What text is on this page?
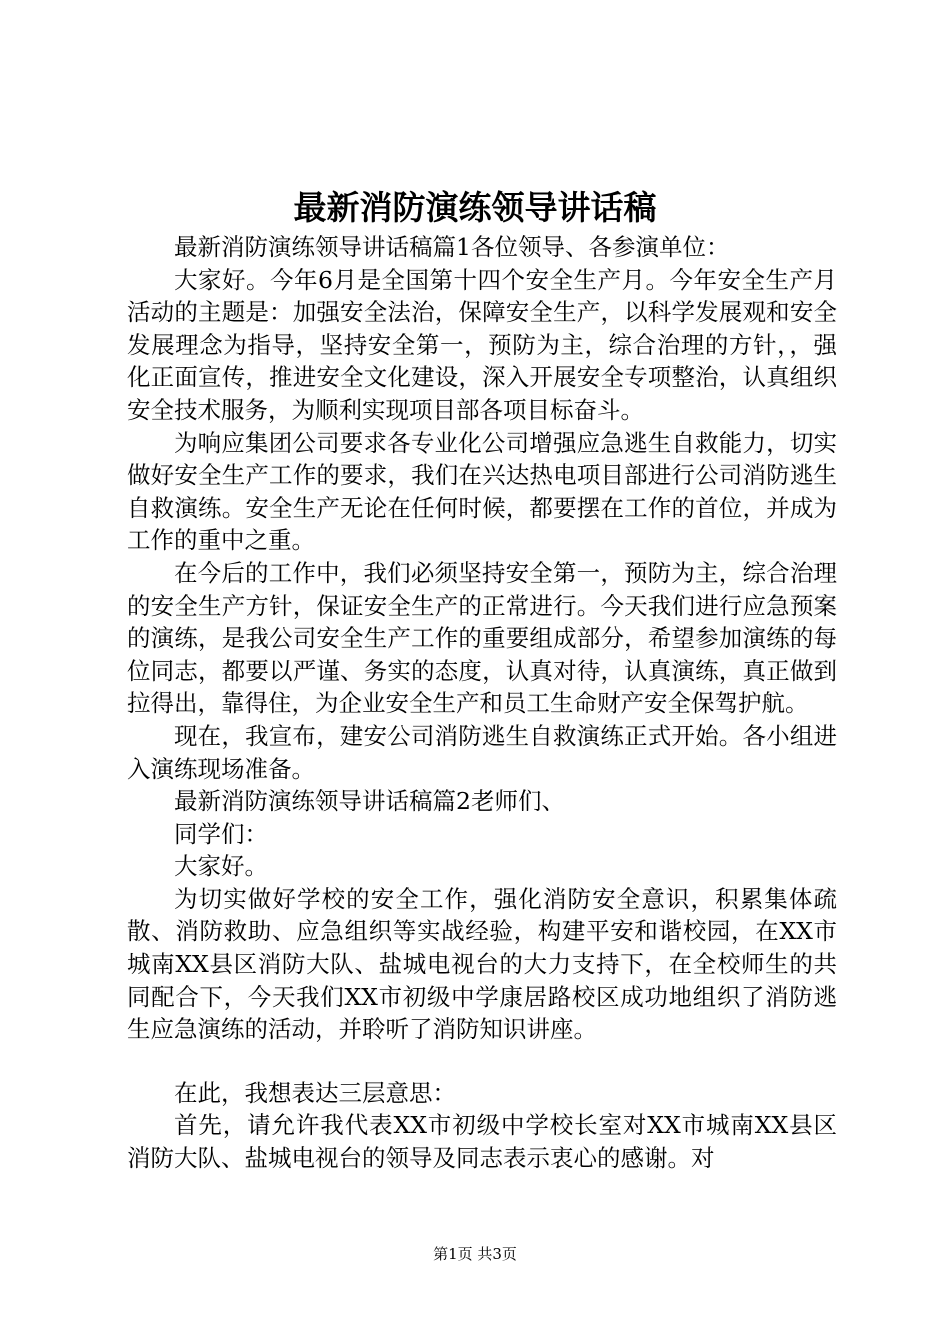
最新消防演练领导讲话稿

最新消防演练领导讲话稿篇1各位领导、各参演单位：

大家好。今年6月是全国第十四个安全生产月。今年安全生产月活动的主题是：加强安全法治，保障安全生产，以科学发展观和安全发展理念为指导，坚持安全第一，预防为主，综合治理的方针，，强化正面宣传，推进安全文化建设，深入开展安全专项整治，认真组织安全技术服务，为顺利实现项目部各项目标奋斗。

为响应集团公司要求各专业化公司增强应急逃生自救能力，切实做好安全生产工作的要求，我们在兴达热电项目部进行公司消防逃生自救演练。安全生产无论在任何时候，都要摆在工作的首位，并成为工作的重中之重。

在今后的工作中，我们必须坚持安全第一，预防为主，综合治理的安全生产方针，保证安全生产的正常进行。今天我们进行应急预案的演练，是我公司安全生产工作的重要组成部分，希望参加演练的每位同志，都要以严谨、务实的态度，认真对待，认真演练，真正做到拉得出，靠得住，为企业安全生产和员工生命财产安全保驾护航。

现在，我宣布，建安公司消防逃生自救演练正式开始。各小组进入演练现场准备。

最新消防演练领导讲话稿篇2老师们、

同学们：

大家好。

为切实做好学校的安全工作，强化消防安全意识，积累集体疏散、消防救助、应急组织等实战经验，构建平安和谐校园，在XX市城南XX县区消防大队、盐城电视台的大力支持下，在全校师生的共同配合下，今天我们XX市初级中学康居路校区成功地组织了消防逃生应急演练的活动，并聆听了消防知识讲座。

在此，我想表达三层意思：

首先，请允许我代表XX市初级中学校长室对XX市城南XX县区消防大队、盐城电视台的领导及同志表示衷心的感谢。对

第1页 共3页
